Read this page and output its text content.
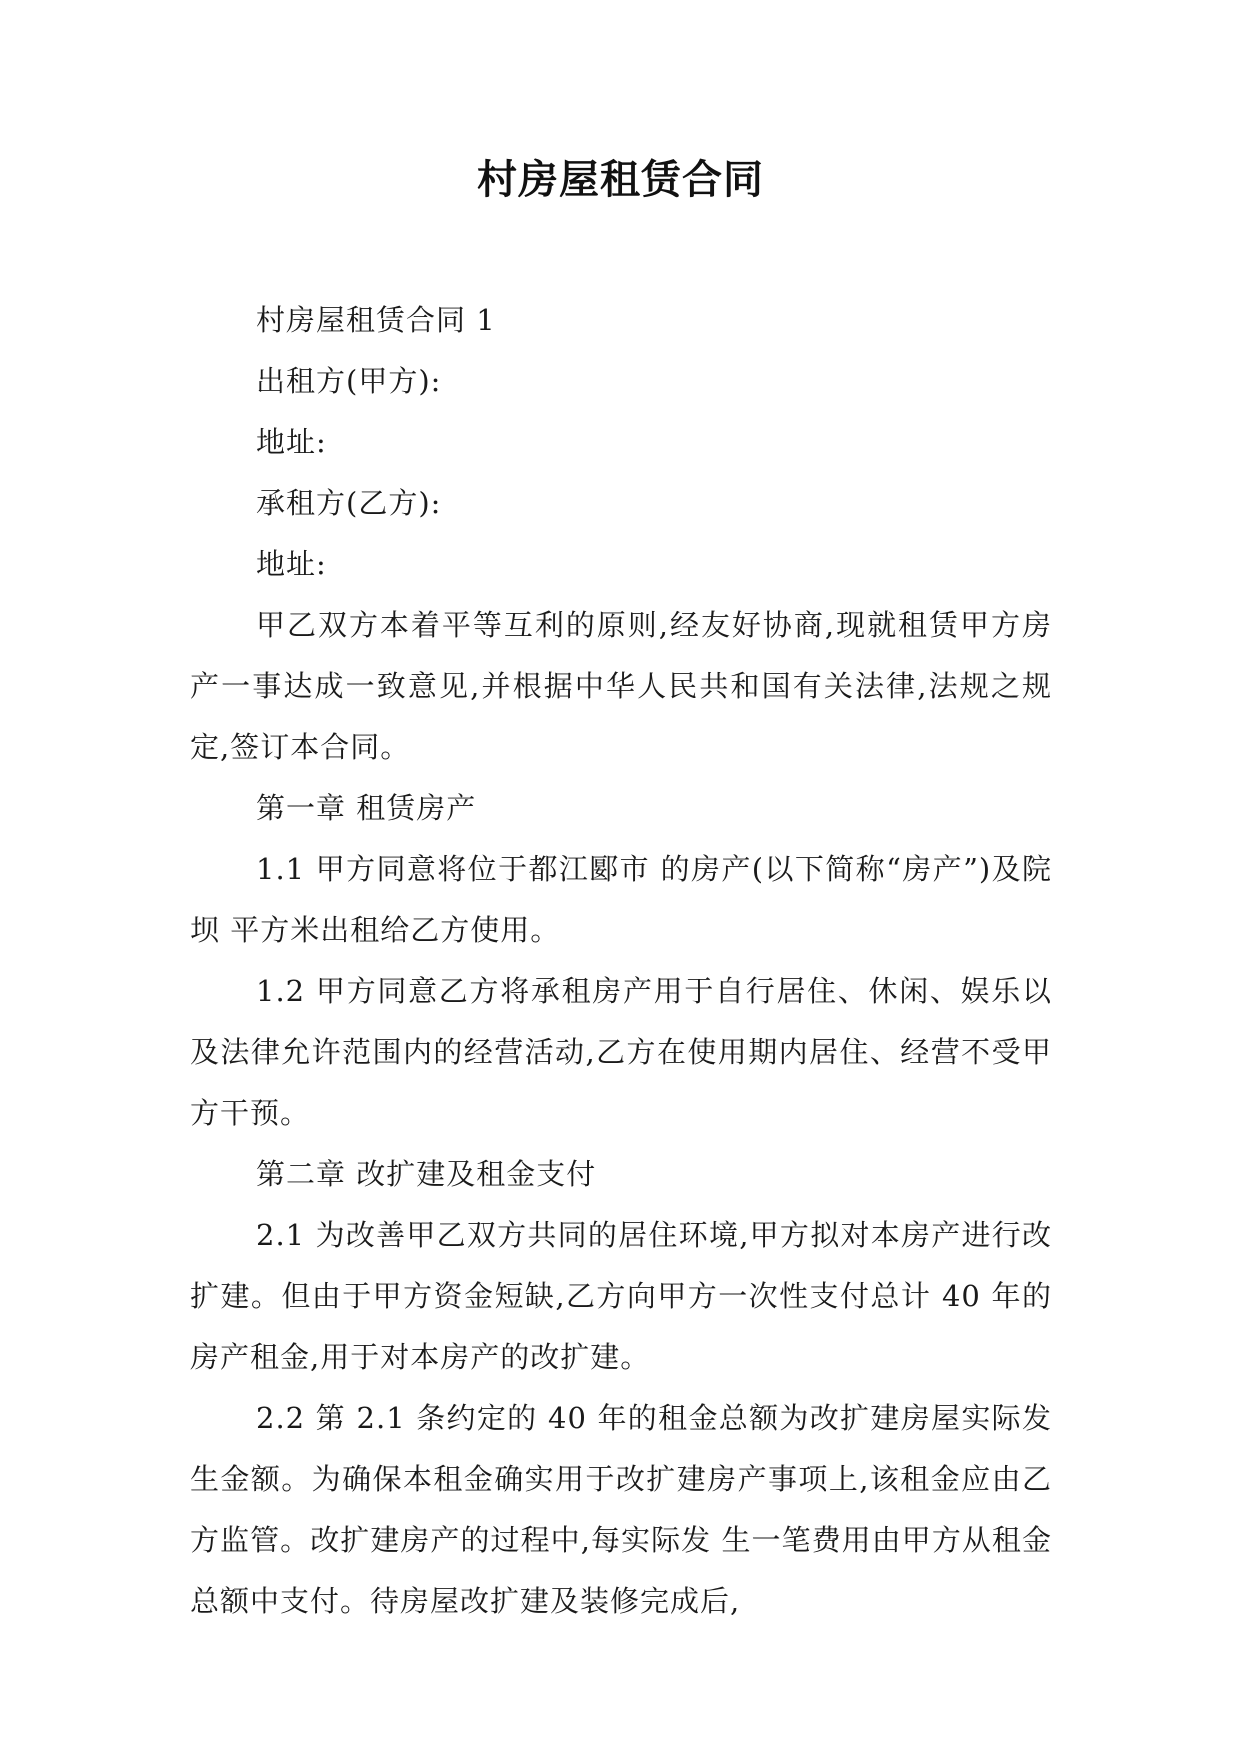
村房屋租赁合同

村房屋租赁合同 1

出租方(甲方):

地址:

承租方(乙方):

地址:

甲乙双方本着平等互利的原则,经友好协商,现就租赁甲方房产一事达成一致意见,并根据中华人民共和国有关法律,法规之规定,签订本合同。

第一章 租赁房产

1.1 甲方同意将位于都江郾市 的房产(以下简称“房产”)及院坝 平方米出租给乙方使用。

1.2 甲方同意乙方将承租房产用于自行居住、休闲、娱乐以及法律允许范围内的经营活动,乙方在使用期内居住、经营不受甲方干预。

第二章 改扩建及租金支付

2.1 为改善甲乙双方共同的居住环境,甲方拟对本房产进行改扩建。但由于甲方资金短缺,乙方向甲方一次性支付总计 40 年的房产租金,用于对本房产的改扩建。

2.2 第 2.1 条约定的 40 年的租金总额为改扩建房屋实际发生金额。为确保本租金确实用于改扩建房产事项上,该租金应由乙方监管。改扩建房产的过程中,每实际发 生一笔费用由甲方从租金总额中支付。待房屋改扩建及装修完成后,
